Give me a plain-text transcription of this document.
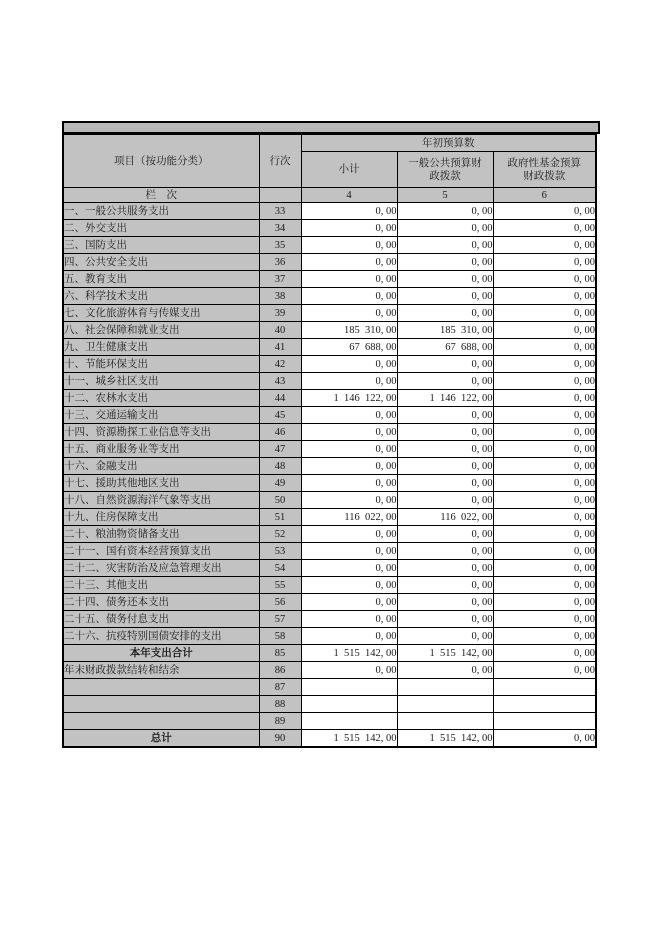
项目（按功能分类）	行次	年初预算数		
		小计	一般公共预算财政拨款	政府性基金预算财政拨款
栏　次		4	5	6
一、一般公共服务支出	33	0, 00	0, 00	0, 00
二、外交支出	34	0, 00	0, 00	0, 00
三、国防支出	35	0, 00	0, 00	0, 00
四、公共安全支出	36	0, 00	0, 00	0, 00
五、教育支出	37	0, 00	0, 00	0, 00
六、科学技术支出	38	0, 00	0, 00	0, 00
七、文化旅游体育与传媒支出	39	0, 00	0, 00	0, 00
八、社会保障和就业支出	40	185  310, 00	185  310, 00	0, 00
九、卫生健康支出	41	67  688, 00	67  688, 00	0, 00
十、节能环保支出	42	0, 00	0, 00	0, 00
十一、城乡社区支出	43	0, 00	0, 00	0, 00
十二、农林水支出	44	1  146  122, 00	1  146  122, 00	0, 00
十三、交通运输支出	45	0, 00	0, 00	0, 00
十四、资源勘探工业信息等支出	46	0, 00	0, 00	0, 00
十五、商业服务业等支出	47	0, 00	0, 00	0, 00
十六、金融支出	48	0, 00	0, 00	0, 00
十七、援助其他地区支出	49	0, 00	0, 00	0, 00
十八、自然资源海洋气象等支出	50	0, 00	0, 00	0, 00
十九、住房保障支出	51	116  022, 00	116  022, 00	0, 00
二十、粮油物资储备支出	52	0, 00	0, 00	0, 00
二十一、国有资本经营预算支出	53	0, 00	0, 00	0, 00
二十二、灾害防治及应急管理支出	54	0, 00	0, 00	0, 00
二十三、其他支出	55	0, 00	0, 00	0, 00
二十四、债务还本支出	56	0, 00	0, 00	0, 00
二十五、债务付息支出	57	0, 00	0, 00	0, 00
二十六、抗疫特别国债安排的支出	58	0, 00	0, 00	0, 00
本年支出合计	85	1  515  142, 00	1  515  142, 00	0, 00
年末财政拨款结转和结余	86	0, 00	0, 00	0, 00
	87			
	88			
	89			
总计	90	1  515  142, 00	1  515  142, 00	0, 00
